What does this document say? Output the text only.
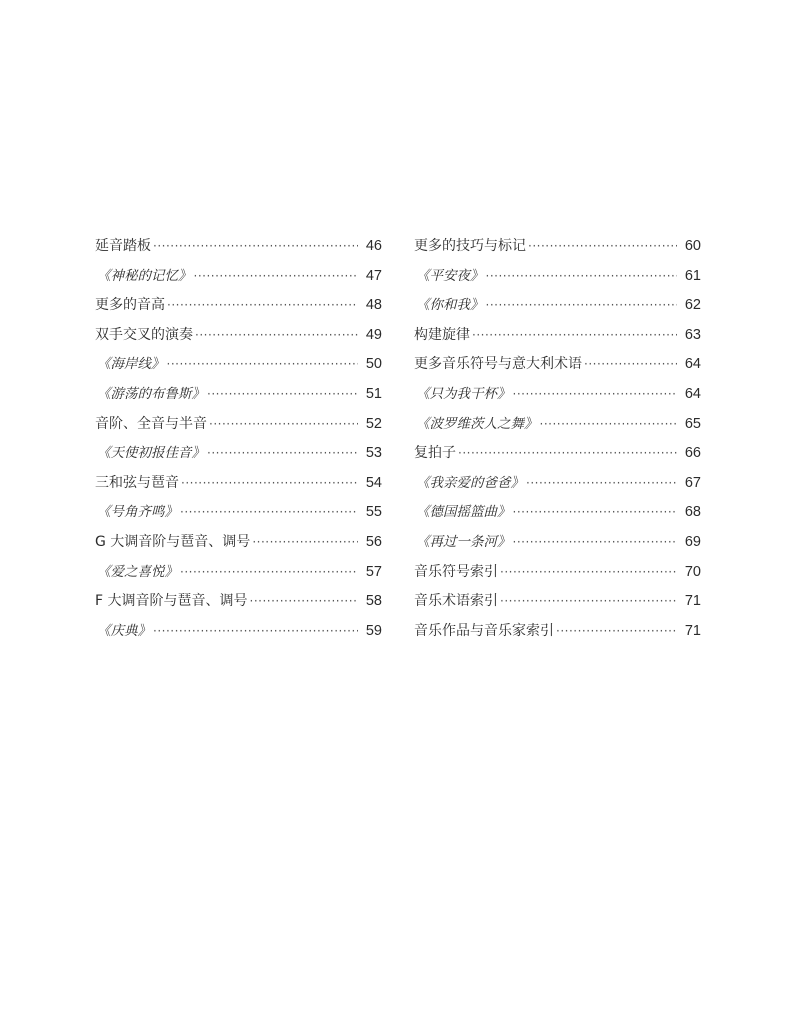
延音踏板 ·····	46
《神秘的记忆》 ·····	47
更多的音高 ·····	48
双手交叉的演奏 ·····	49
《海岸线》 ·····	50
《游荡的布鲁斯》 ·····	51
音阶、全音与半音 ·····	52
《天使初报佳音》 ·····	53
三和弦与琶音 ·····	54
《号角齐鸣》 ·····	55
G 大调音阶与琶音、调号 ·····	56
《爱之喜悦》 ·····	57
F 大调音阶与琶音、调号 ·····	58
《庆典》 ·····	59
更多的技巧与标记 ·····	60
《平安夜》 ·····	61
《你和我》 ·····	62
构建旋律 ·····	63
更多音乐符号与意大利术语 ·····	64
《只为我干杯》 ·····	64
《波罗维茨人之舞》 ·····	65
复拍子 ·····	66
《我亲爱的爸爸》 ·····	67
《德国摇篮曲》 ·····	68
《再过一条河》 ·····	69
音乐符号索引 ·····	70
音乐术语索引 ·····	71
音乐作品与音乐家索引 ·····	71
